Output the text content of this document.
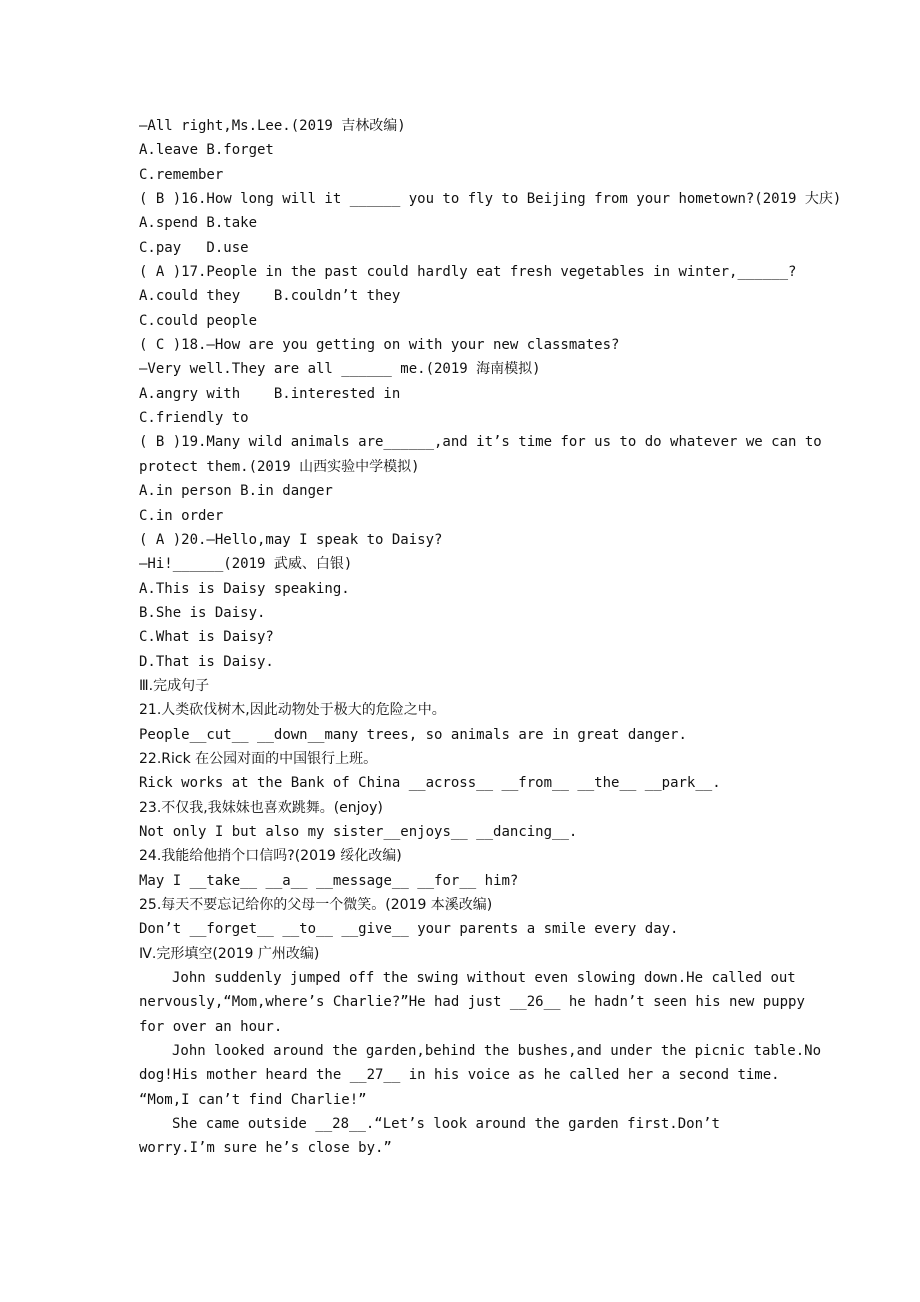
—All right,Ms.Lee.(2019 吉林改编)
A.leave B.forget
C.remember
( B )16.How long will it ______ you to fly to Beijing from your hometown?(2019 大庆)
A.spend B.take
C.pay   D.use
( A )17.People in the past could hardly eat fresh vegetables in winter,______?
A.could they    B.couldn’t they
C.could people
( C )18.—How are you getting on with your new classmates?
—Very well.They are all ______ me.(2019 海南模拟)
A.angry with    B.interested in
C.friendly to
( B )19.Many wild animals are______,and it’s time for us to do whatever we can to
protect them.(2019 山西实验中学模拟)
A.in person B.in danger
C.in order
( A )20.—Hello,may I speak to Daisy?
—Hi!______(2019 武威、白银)
A.This is Daisy speaking.
B.She is Daisy.
C.What is Daisy?
D.That is Daisy.
Ⅲ.完成句子
21.人类砍伐树木,因此动物处于极大的危险之中。
People__cut__ __down__many trees, so animals are in great danger.
22.Rick 在公园对面的中国银行上班。
Rick works at the Bank of China __across__ __from__ __the__ __park__.
23.不仅我,我妹妹也喜欢跳舞。(enjoy)
Not only I but also my sister__enjoys__ __dancing__.
24.我能给他捎个口信吗?(2019 绥化改编)
May I __take__ __a__ __message__ __for__ him?
25.每天不要忘记给你的父母一个微笑。(2019 本溪改编)
Don’t __forget__ __to__ __give__ your parents a smile every day.
Ⅳ.完形填空(2019 广州改编)
John suddenly jumped off the swing without even slowing down.He called out
nervously,“Mom,where’s Charlie?”He had just __26__ he hadn’t seen his new puppy
for over an hour.
John looked around the garden,behind the bushes,and under the picnic table.No
dog!His mother heard the __27__ in his voice as he called her a second time.
“Mom,I can’t find Charlie!”
She came outside __28__.“Let’s look around the garden first.Don’t
worry.I’m sure he’s close by.”
